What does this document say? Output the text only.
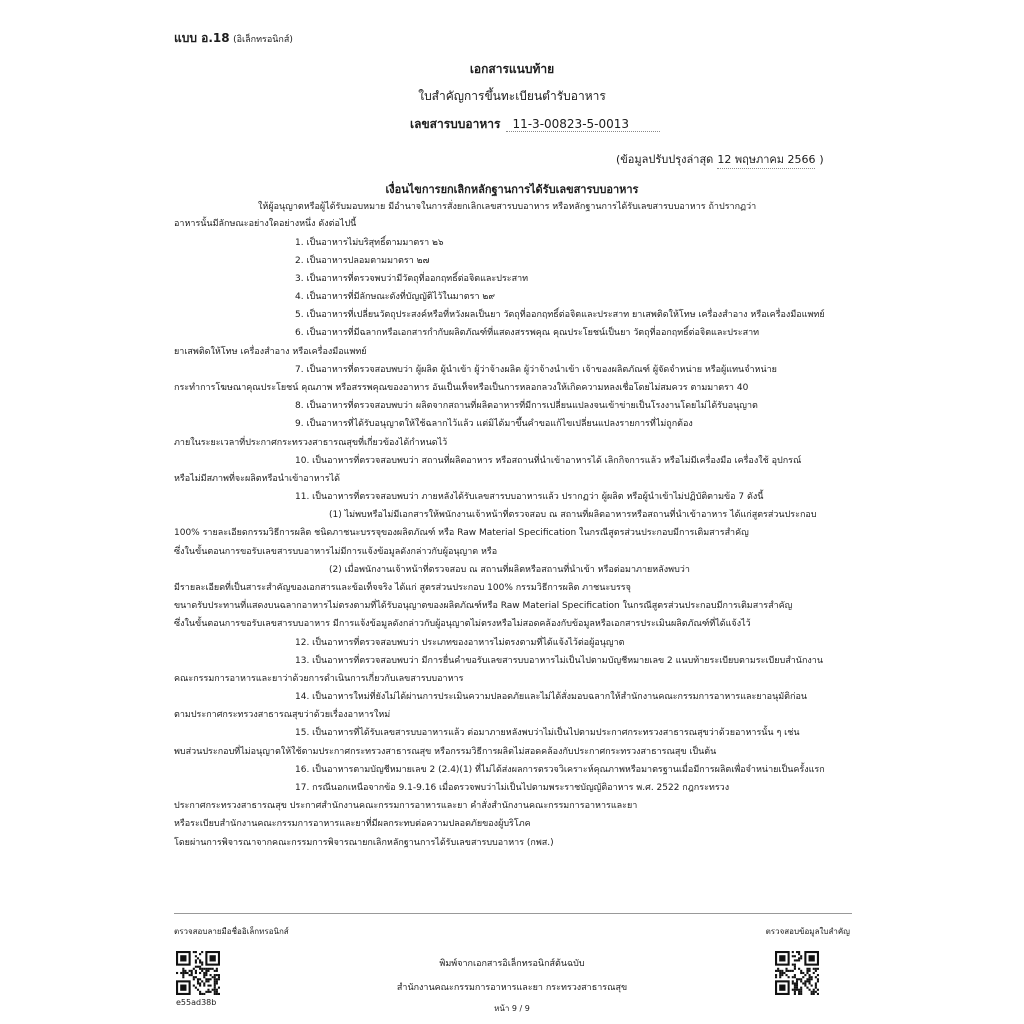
แบบ อ.18 (อิเล็กทรอนิกส์)
เอกสารแนบท้าย
ใบสำคัญการขึ้นทะเบียนตำรับอาหาร
เลขสารบบอาหาร 11-3-00823-5-0013
(ข้อมูลปรับปรุงล่าสุด 12 พฤษภาคม 2566 )
เงื่อนไขการยกเลิกหลักฐานการได้รับเลขสารบบอาหาร
ให้ผู้อนุญาตหรือผู้ได้รับมอบหมาย มีอำนาจในการสั่งยกเลิกเลขสารบบอาหาร หรือหลักฐานการได้รับเลขสารบบอาหาร ถ้าปรากฏว่า
อาหารนั้นมีลักษณะอย่างใดอย่างหนึ่ง ดังต่อไปนี้
1. เป็นอาหารไม่บริสุทธิ์ตามมาตรา ๒๖
2. เป็นอาหารปลอมตามมาตรา ๒๗
3. เป็นอาหารที่ตรวจพบว่ามีวัตถุที่ออกฤทธิ์ต่อจิตและประสาท
4. เป็นอาหารที่มีลักษณะดังที่บัญญัติไว้ในมาตรา ๒๙
5. เป็นอาหารที่เปลี่ยนวัตถุประสงค์หรือที่หวังผลเป็นยา วัตถุที่ออกฤทธิ์ต่อจิตและประสาท ยาเสพติดให้โทษ เครื่องสำอาง หรือเครื่องมือแพทย์
6. เป็นอาหารที่มีฉลากหรือเอกสารกำกับผลิตภัณฑ์ที่แสดงสรรพคุณ คุณประโยชน์เป็นยา วัตถุที่ออกฤทธิ์ต่อจิตและประสาท
ยาเสพติดให้โทษ เครื่องสำอาง หรือเครื่องมือแพทย์
7. เป็นอาหารที่ตรวจสอบพบว่า ผู้ผลิต ผู้นำเข้า ผู้ว่าจ้างผลิต ผู้ว่าจ้างนำเข้า เจ้าของผลิตภัณฑ์ ผู้จัดจำหน่าย หรือผู้แทนจำหน่าย
กระทำการโฆษณาคุณประโยชน์ คุณภาพ หรือสรรพคุณของอาหาร อันเป็นเท็จหรือเป็นการหลอกลวงให้เกิดความหลงเชื่อโดยไม่สมควร ตามมาตรา 40
8. เป็นอาหารที่ตรวจสอบพบว่า ผลิตจากสถานที่ผลิตอาหารที่มีการเปลี่ยนแปลงจนเข้าข่ายเป็นโรงงานโดยไม่ได้รับอนุญาต
9. เป็นอาหารที่ได้รับอนุญาตให้ใช้ฉลากไว้แล้ว แต่มิได้มาขึ้นคำขอแก้ไขเปลี่ยนแปลงรายการที่ไม่ถูกต้อง
ภายในระยะเวลาที่ประกาศกระทรวงสาธารณสุขที่เกี่ยวข้องได้กำหนดไว้
10. เป็นอาหารที่ตรวจสอบพบว่า สถานที่ผลิตอาหาร หรือสถานที่นำเข้าอาหารได้ เลิกกิจการแล้ว หรือไม่มีเครื่องมือ เครื่องใช้ อุปกรณ์
หรือไม่มีสภาพที่จะผลิตหรือนำเข้าอาหารได้
11. เป็นอาหารที่ตรวจสอบพบว่า ภายหลังได้รับเลขสารบบอาหารแล้ว ปรากฏว่า ผู้ผลิต หรือผู้นำเข้าไม่ปฏิบัติตามข้อ 7 ดังนี้
(1) ไม่พบหรือไม่มีเอกสารให้พนักงานเจ้าหน้าที่ตรวจสอบ ณ สถานที่ผลิตอาหารหรือสถานที่นำเข้าอาหาร ได้แก่สูตรส่วนประกอบ
100% รายละเอียดกรรมวิธีการผลิต ชนิดภาชนะบรรจุของผลิตภัณฑ์ หรือ Raw Material Specification ในกรณีสูตรส่วนประกอบมีการเติมสารสำคัญ
ซึ่งในขั้นตอนการขอรับเลขสารบบอาหารไม่มีการแจ้งข้อมูลดังกล่าวกับผู้อนุญาต หรือ
(2) เมื่อพนักงานเจ้าหน้าที่ตรวจสอบ ณ สถานที่ผลิตหรือสถานที่นำเข้า หรือต่อมาภายหลังพบว่า
มีรายละเอียดที่เป็นสาระสำคัญของเอกสารและข้อเท็จจริง ได้แก่ สูตรส่วนประกอบ 100% กรรมวิธีการผลิต ภาชนะบรรจุ
ขนาดรับประทานที่แสดงบนฉลากอาหารไม่ตรงตามที่ได้รับอนุญาตของผลิตภัณฑ์หรือ Raw Material Specification ในกรณีสูตรส่วนประกอบมีการเติมสารสำคัญ
ซึ่งในขั้นตอนการขอรับเลขสารบบอาหาร มีการแจ้งข้อมูลดังกล่าวกับผู้อนุญาตไม่ตรงหรือไม่สอดคล้องกับข้อมูลหรือเอกสารประเมินผลิตภัณฑ์ที่ได้แจ้งไว้
12. เป็นอาหารที่ตรวจสอบพบว่า ประเภทของอาหารไม่ตรงตามที่ได้แจ้งไว้ต่อผู้อนุญาต
13. เป็นอาหารที่ตรวจสอบพบว่า มีการยื่นคำขอรับเลขสารบบอาหารไม่เป็นไปตามบัญชีหมายเลข 2 แนบท้ายระเบียบตามระเบียบสำนักงาน
คณะกรรมการอาหารและยาว่าด้วยการดำเนินการเกี่ยวกับเลขสารบบอาหาร
14. เป็นอาหารใหม่ที่ยังไม่ได้ผ่านการประเมินความปลอดภัยและไม่ได้สั่งมอบฉลากให้สำนักงานคณะกรรมการอาหารและยาอนุมัติก่อน
ตามประกาศกระทรวงสาธารณสุขว่าด้วยเรื่องอาหารใหม่
15. เป็นอาหารที่ได้รับเลขสารบบอาหารแล้ว ต่อมาภายหลังพบว่าไม่เป็นไปตามประกาศกระทรวงสาธารณสุขว่าด้วยอาหารนั้น ๆ เช่น
พบส่วนประกอบที่ไม่อนุญาตให้ใช้ตามประกาศกระทรวงสาธารณสุข หรือกรรมวิธีการผลิตไม่สอดคล้องกับประกาศกระทรวงสาธารณสุข เป็นต้น
16. เป็นอาหารตามบัญชีหมายเลข 2 (2.4)(1) ที่ไม่ได้ส่งผลการตรวจวิเคราะห์คุณภาพหรือมาตรฐานเมื่อมีการผลิตเพื่อจำหน่ายเป็นครั้งแรก
17. กรณีนอกเหนือจากข้อ 9.1-9.16 เมื่อตรวจพบว่าไม่เป็นไปตามพระราชบัญญัติอาหาร พ.ศ. 2522 กฎกระทรวง
ประกาศกระทรวงสาธารณสุข ประกาศสำนักงานคณะกรรมการอาหารและยา คำสั่งสำนักงานคณะกรรมการอาหารและยา
หรือระเบียบสำนักงานคณะกรรมการอาหารและยาที่มีผลกระทบต่อความปลอดภัยของผู้บริโภค
โดยผ่านการพิจารณาจากคณะกรรมการพิจารณายกเลิกหลักฐานการได้รับเลขสารบบอาหาร (กพส.)
ตรวจสอบลายมือชื่ออิเล็กทรอนิกส์	ตรวจสอบข้อมูลใบสำคัญ
e55ad38b
พิมพ์จากเอกสารอิเล็กทรอนิกส์ต้นฉบับ
สำนักงานคณะกรรมการอาหารและยา กระทรวงสาธารณสุข
หน้า 9 / 9
